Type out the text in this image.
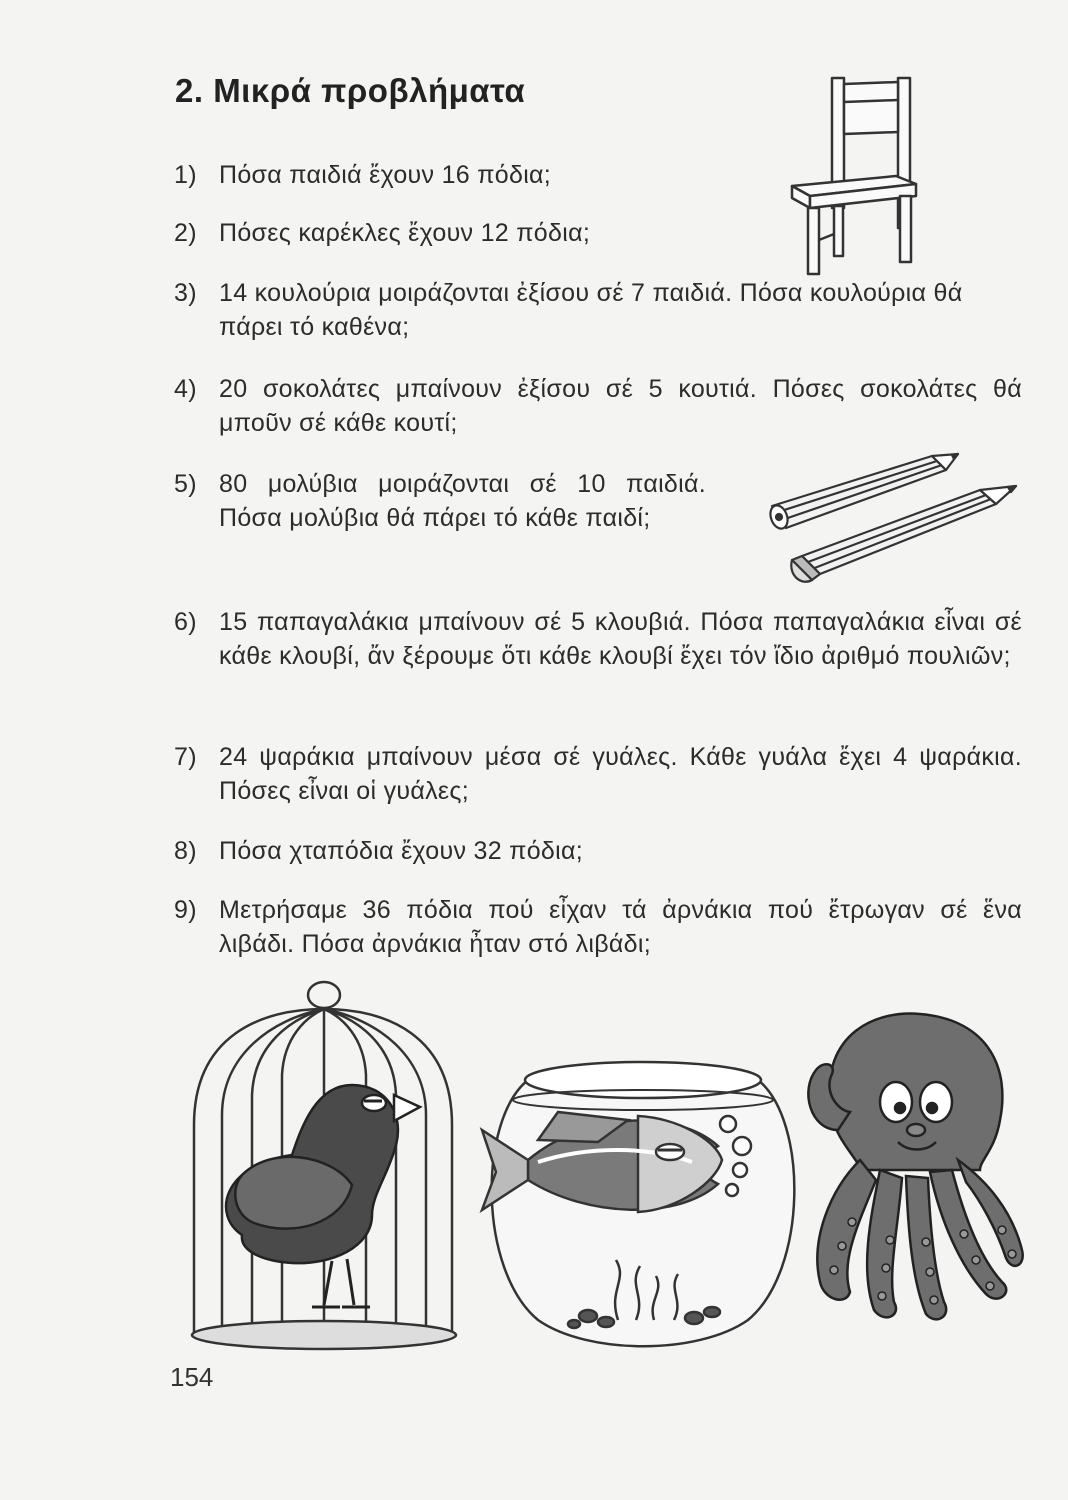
2. Μικρά προβλήματα
1) Πόσα παιδιά ἔχουν 16 πόδια;
2) Πόσες καρέκλες ἔχουν 12 πόδια;
3) 14 κουλούρια μοιράζονται ἐξίσου σέ 7 παιδιά. Πόσα κουλούρια θά πάρει τό καθένα;
4) 20 σοκολάτες μπαίνουν ἐξίσου σέ 5 κουτιά. Πόσες σοκολάτες θά μποῦν σέ κάθε κουτί;
5) 80 μολύβια μοιράζονται σέ 10 παιδιά. Πόσα μολύβια θά πάρει τό κάθε παιδί;
6) 15 παπαγαλάκια μπαίνουν σέ 5 κλουβιά. Πόσα παπαγαλάκια εἶναι σέ κάθε κλουβί, ἄν ξέρουμε ὅτι κάθε κλουβί ἔχει τόν ἴδιο ἀριθμό πουλιῶν;
7) 24 ψαράκια μπαίνουν μέσα σέ γυάλες. Κάθε γυάλα ἔχει 4 ψαράκια. Πόσες εἶναι οἱ γυάλες;
8) Πόσα χταπόδια ἔχουν 32 πόδια;
9) Μετρήσαμε 36 πόδια πού εἶχαν τά ἀρνάκια πού ἔτρωγαν σέ ἕνα λιβάδι. Πόσα ἀρνάκια ἦταν στό λιβάδι;
154
